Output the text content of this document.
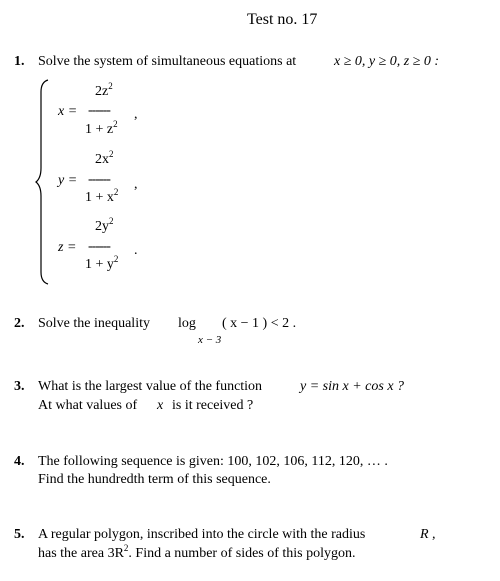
Test no. 17
1. Solve the system of simultaneous equations at	x ≥ 0, y ≥ 0, z ≥ 0 :
$2z^2$
x = ------ ,
$1 + z^2$
$2x^2$
y = ------ ,
$1 + x^2$
$2y^2$
z = ------ .
$1 + y^2$
2. Solve the inequality log
x − 3
( x − 1 ) < 2 .
3. What is the largest value of the function	y = sin x + cos x ?
At what values of x is it received ?
4. The following sequence is given: 100, 102, 106, 112, 120, … .
Find the hundredth term of this sequence.
5. A regular polygon, inscribed into the circle with the radius	R ,
has the area $3R^2$. Find a number of sides of this polygon.
